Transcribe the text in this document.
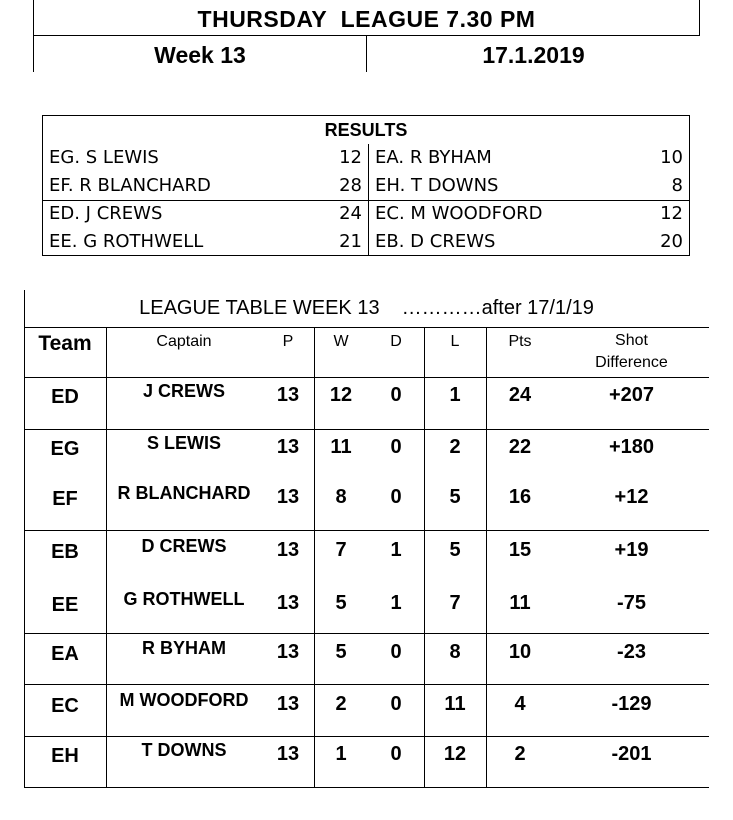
THURSDAY  LEAGUE 7.30 PM
Week 13	17.1.2019
RESULTS
EG. S LEWIS	12 EA. R BYHAM	10
EF. R BLANCHARD	28 EH. T DOWNS	8
ED. J CREWS	24 EC. M WOODFORD	12
EE. G ROTHWELL	21 EB. D CREWS	20
LEAGUE TABLE WEEK 13 …………after 17/1/19
Team	Captain	P	W	D	L	Pts	Shot
Difference
ED	J CREWS	13	12	0	1	24	+207
EG	S LEWIS	13	11	0	2	22	+180
EF	R BLANCHARD	13	8	0	5	16	+12
EB	D CREWS	13	7	1	5	15	+19
EE	G ROTHWELL	13	5	1	7	11	-75
EA	R BYHAM	13	5	0	8	10	-23
EC	M WOODFORD	13	2	0	11	4	-129
EH	T DOWNS	13	1	0	12	2	-201
